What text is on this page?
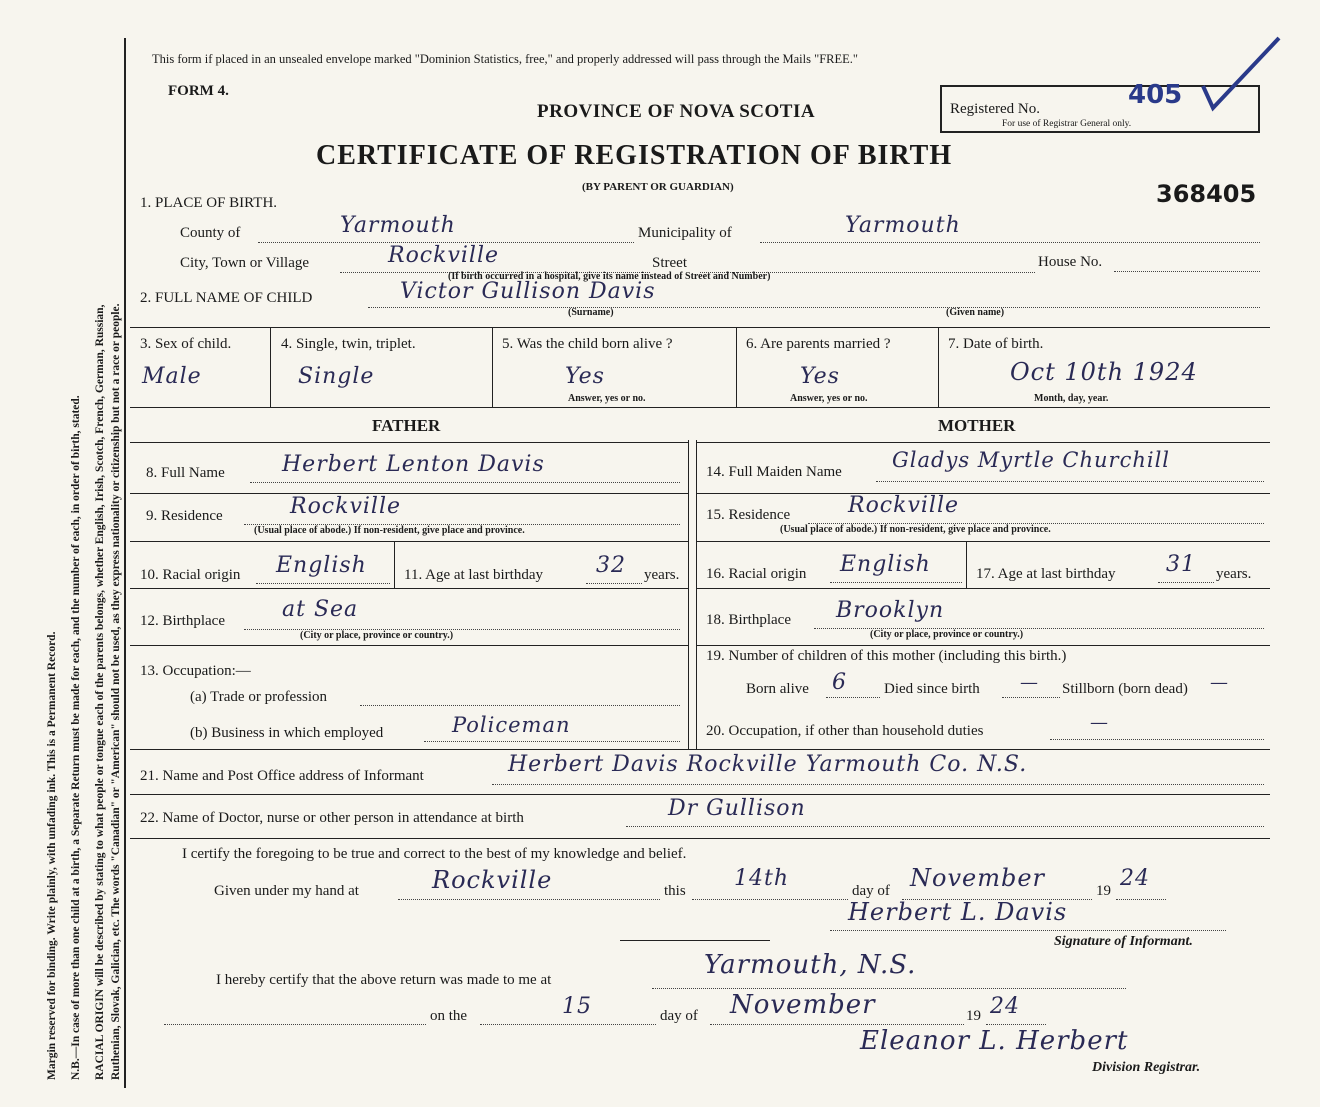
Margin reserved for binding. Write plainly, with unfading ink. This is a Permanent Record. N.B.—In case of more than one child at a birth, a Separate Return must be made for each, and the number of each, in order of birth, stated. RACIAL ORIGIN will be described by stating to what people or tongue each of the parents belongs, whether English, Irish, Scotch, French, German, Russian, Ruthenian, Slovak, Galician, etc. The words "Canadian" or "American" should not be used, as they express nationality or citizenship but not a race or people.
This form if placed in an unsealed envelope marked "Dominion Statistics, free," and properly addressed will pass through the Mails "FREE."
FORM 4.
PROVINCE OF NOVA SCOTIA
CERTIFICATE OF REGISTRATION OF BIRTH
(BY PARENT OR GUARDIAN)
Registered No.	405
For use of Registrar General only.
368405
1. PLACE OF BIRTH.
County of	Yarmouth	Municipality of	Yarmouth
City, Town or Village	Rockville	Street	House No.
(If birth occurred in a hospital, give its name instead of Street and Number)
2. FULL NAME OF CHILD	Victor Gullison Davis
(Surname)	(Given name)
3. Sex of child.
Male
4. Single, twin, triplet.
Single
5. Was the child born alive ?
Yes
Answer, yes or no.
6. Are parents married ?
Yes
Answer, yes or no.
7. Date of birth.
Oct 10th 1924
Month, day, year.
FATHER	MOTHER
8. Full Name	Herbert Lenton Davis
9. Residence	Rockville
(Usual place of abode.) If non-resident, give place and province.
10. Racial origin English 11. Age at last birthday 32 years.
12. Birthplace	at Sea
(City or place, province or country.)
13. Occupation:—
(a) Trade or profession
(b) Business in which employed	Policeman
14. Full Maiden Name Gladys Myrtle Churchill
15. Residence	Rockville
(Usual place of abode.) If non-resident, give place and province.
16. Racial origin English	17. Age at last birthday 31 years.
18. Birthplace Brooklyn
(City or place, province or country.)
19. Number of children of this mother (including this birth.)
Born alive 6 Died since birth — Stillborn (born dead) —
20. Occupation, if other than household duties	—
21. Name and Post Office address of Informant	Herbert Davis Rockville Yarmouth Co. N.S.
22. Name of Doctor, nurse or other person in attendance at birth	Dr Gullison
I certify the foregoing to be true and correct to the best of my knowledge and belief.
Given under my hand at	Rockville	this 14th	day of November	19 24
Herbert L. Davis
Signature of Informant.
I hereby certify that the above return was made to me at	Yarmouth, N.S.
on the	15	day of November	19 24
Eleanor L. Herbert
Division Registrar.
